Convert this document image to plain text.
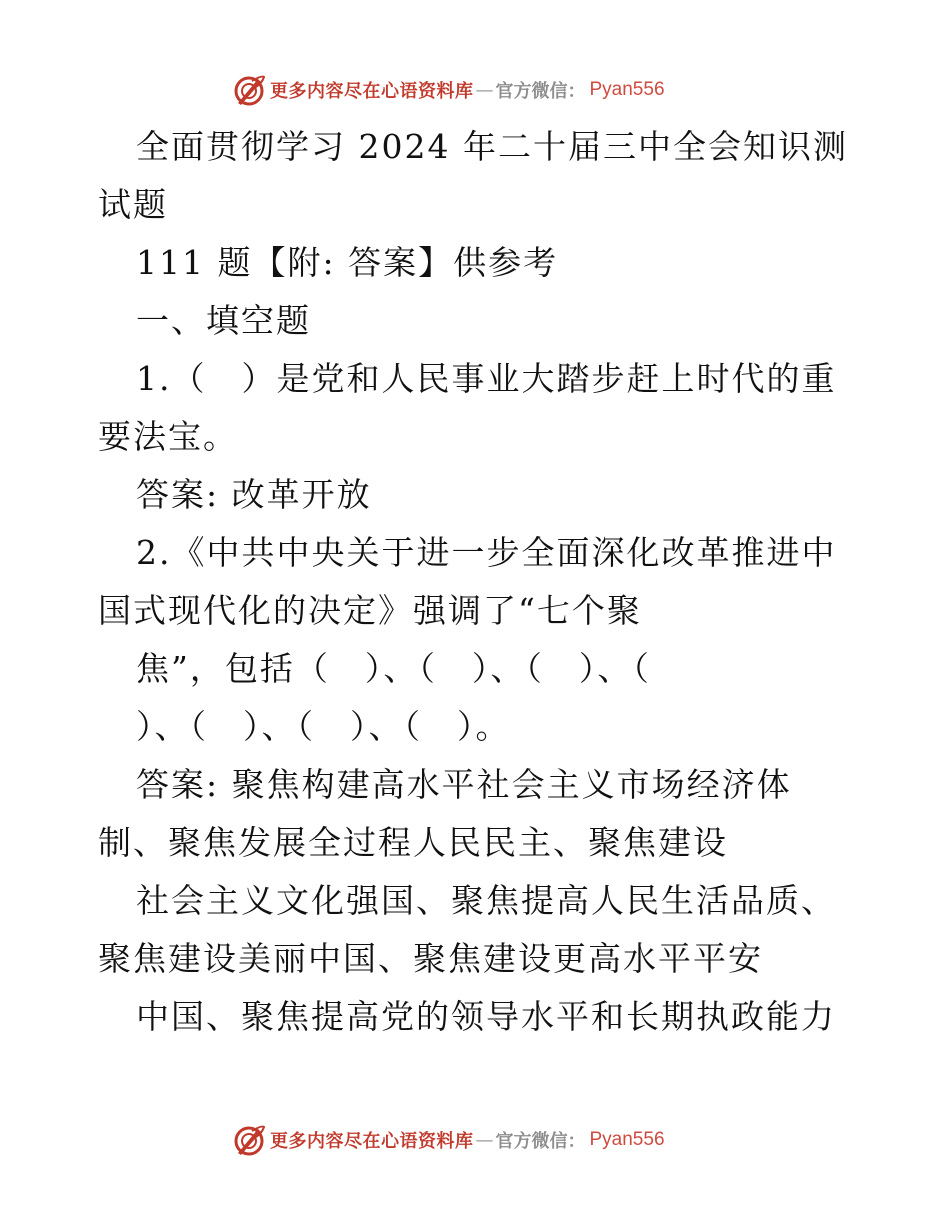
更多内容尽在心语资料库 — 官方微信： Pyan556

全面贯彻学习 2024 年二十届三中全会知识测试题

111 题【附: 答案】供参考

一、填空题

1.（　）是党和人民事业大踏步赶上时代的重要法宝。

答案: 改革开放

2.《中共中央关于进一步全面深化改革推进中国式现代化的决定》强调了“七个聚

焦”，包括（　）、（　）、（　）、（

）、（　）、（　）、（　）。

答案: 聚焦构建高水平社会主义市场经济体制、聚焦发展全过程人民民主、聚焦建设

社会主义文化强国、聚焦提高人民生活品质、聚焦建设美丽中国、聚焦建设更高水平平安

中国、聚焦提高党的领导水平和长期执政能力

更多内容尽在心语资料库 — 官方微信： Pyan556
